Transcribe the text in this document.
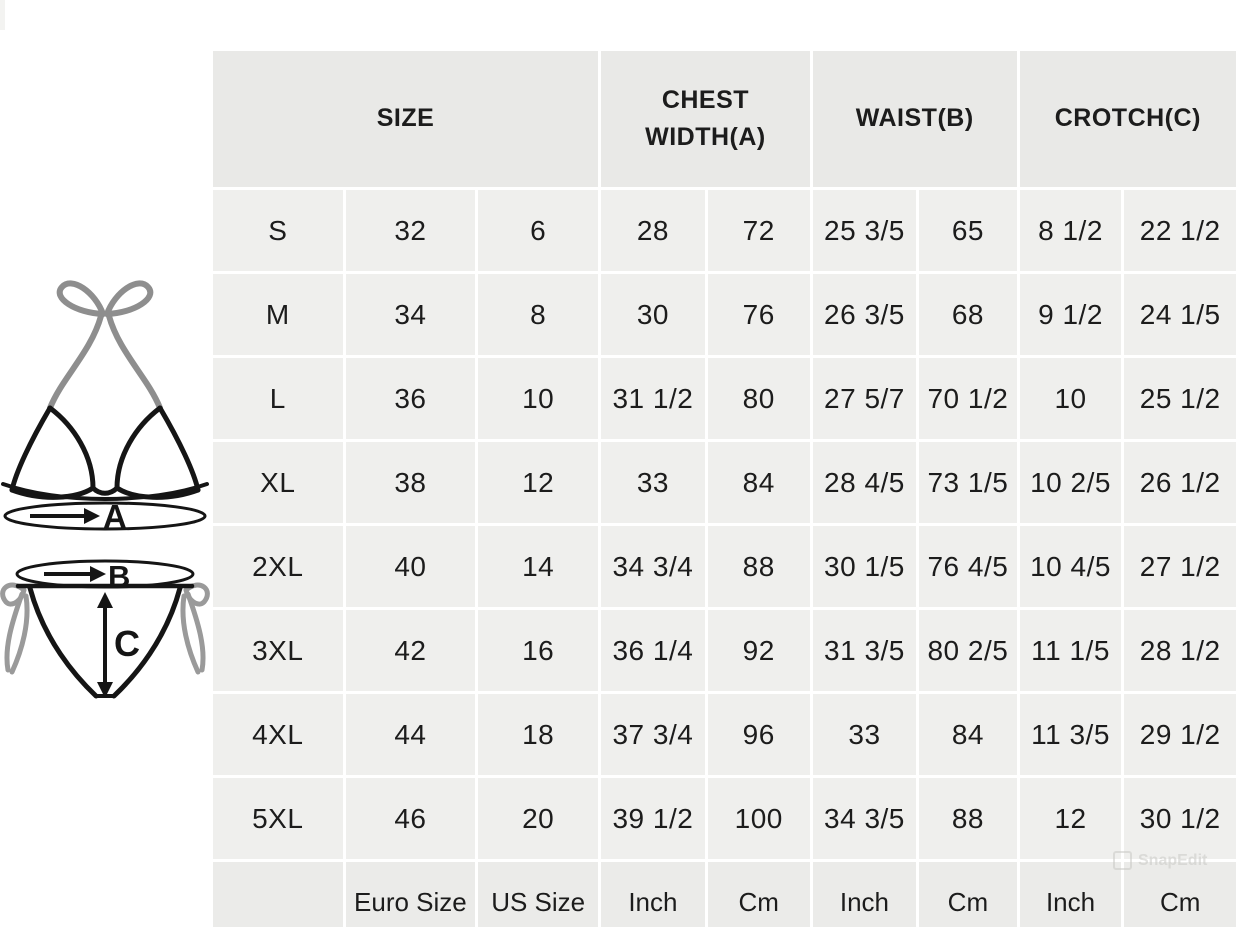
A
B
C
SIZE			CHEST WIDTH(A)		WAIST(B)		CROTCH(C)	
S	32	6	28	72	25 3/5	65	8 1/2	22 1/2
M	34	8	30	76	26 3/5	68	9 1/2	24 1/5
L	36	10	31 1/2	80	27 5/7	70 1/2	10	25 1/2
XL	38	12	33	84	28 4/5	73 1/5	10 2/5	26 1/2
2XL	40	14	34 3/4	88	30 1/5	76 4/5	10 4/5	27 1/2
3XL	42	16	36 1/4	92	31 3/5	80 2/5	11 1/5	28 1/2
4XL	44	18	37 3/4	96	33	84	11 3/5	29 1/2
5XL	46	20	39 1/2	100	34 3/5	88	12	30 1/2
	Euro Size	US Size	Inch	Cm	Inch	Cm	Inch	Cm
SnapEdit
